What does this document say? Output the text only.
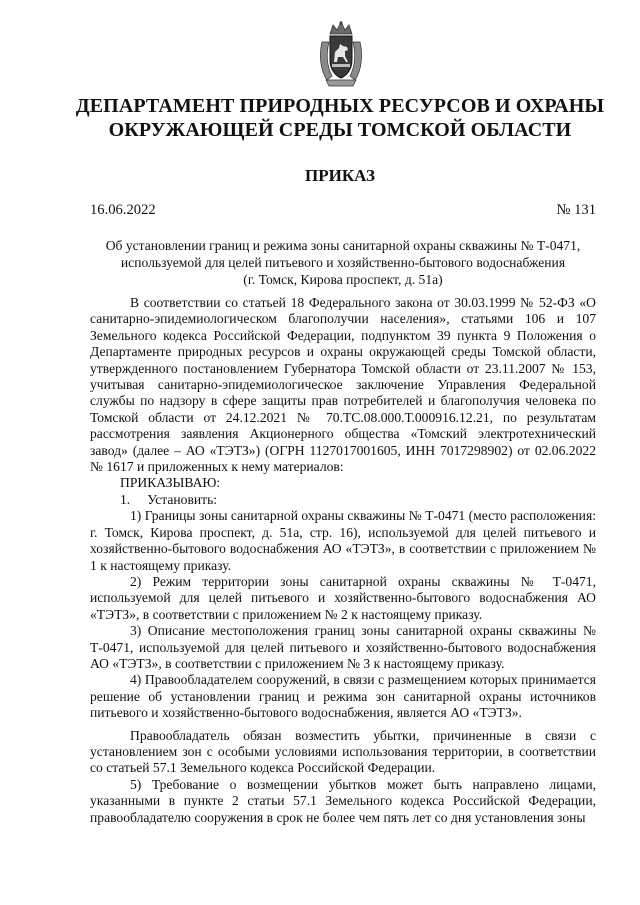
ДЕПАРТАМЕНТ ПРИРОДНЫХ РЕСУРСОВ И ОХРАНЫ
ОКРУЖАЮЩЕЙ СРЕДЫ ТОМСКОЙ ОБЛАСТИ
ПРИКАЗ
16.06.2022	№ 131
Об установлении границ и режима зоны санитарной охраны скважины № Т-0471,
используемой для целей питьевого и хозяйственно-бытового водоснабжения
(г. Томск, Кирова проспект, д. 51а)

В соответствии со статьей 18 Федерального закона от 30.03.1999 № 52-ФЗ «О санитарно-эпидемиологическом благополучии населения», статьями 106 и 107 Земельного кодекса Российской Федерации, подпунктом 39 пункта 9 Положения о Департаменте природных ресурсов и охраны окружающей среды Томской области, утвержденного постановлением Губернатора Томской области от 23.11.2007 № 153, учитывая санитарно-эпидемиологическое заключение Управления Федеральной службы по надзору в сфере защиты прав потребителей и благополучия человека по Томской области от 24.12.2021 № 70.ТС.08.000.Т.000916.12.21, по результатам рассмотрения заявления Акционерного общества «Томский электротехнический завод» (далее – АО «ТЭТЗ») (ОГРН 1127017001605, ИНН 7017298902) от 02.06.2022 № 1617 и приложенных к нему материалов:

ПРИКАЗЫВАЮ:

1. Установить:

1) Границы зоны санитарной охраны скважины № Т-0471 (место расположения: г. Томск, Кирова проспект, д. 51а, стр. 16), используемой для целей питьевого и хозяйственно-бытового водоснабжения АО «ТЭТЗ», в соответствии с приложением № 1 к настоящему приказу.

2) Режим территории зоны санитарной охраны скважины № Т-0471, используемой для целей питьевого и хозяйственно-бытового водоснабжения АО «ТЭТЗ», в соответствии с приложением № 2 к настоящему приказу.

3) Описание местоположения границ зоны санитарной охраны скважины № Т-0471, используемой для целей питьевого и хозяйственно-бытового водоснабжения АО «ТЭТЗ», в соответствии с приложением № 3 к настоящему приказу.

4) Правообладателем сооружений, в связи с размещением которых принимается решение об установлении границ и режима зон санитарной охраны источников питьевого и хозяйственно-бытового водоснабжения, является АО «ТЭТЗ».

Правообладатель обязан возместить убытки, причиненные в связи с установлением зон с особыми условиями использования территории, в соответствии со статьей 57.1 Земельного кодекса Российской Федерации.

5) Требование о возмещении убытков может быть направлено лицами, указанными в пункте 2 статьи 57.1 Земельного кодекса Российской Федерации, правообладателю сооружения в срок не более чем пять лет со дня установления зоны
